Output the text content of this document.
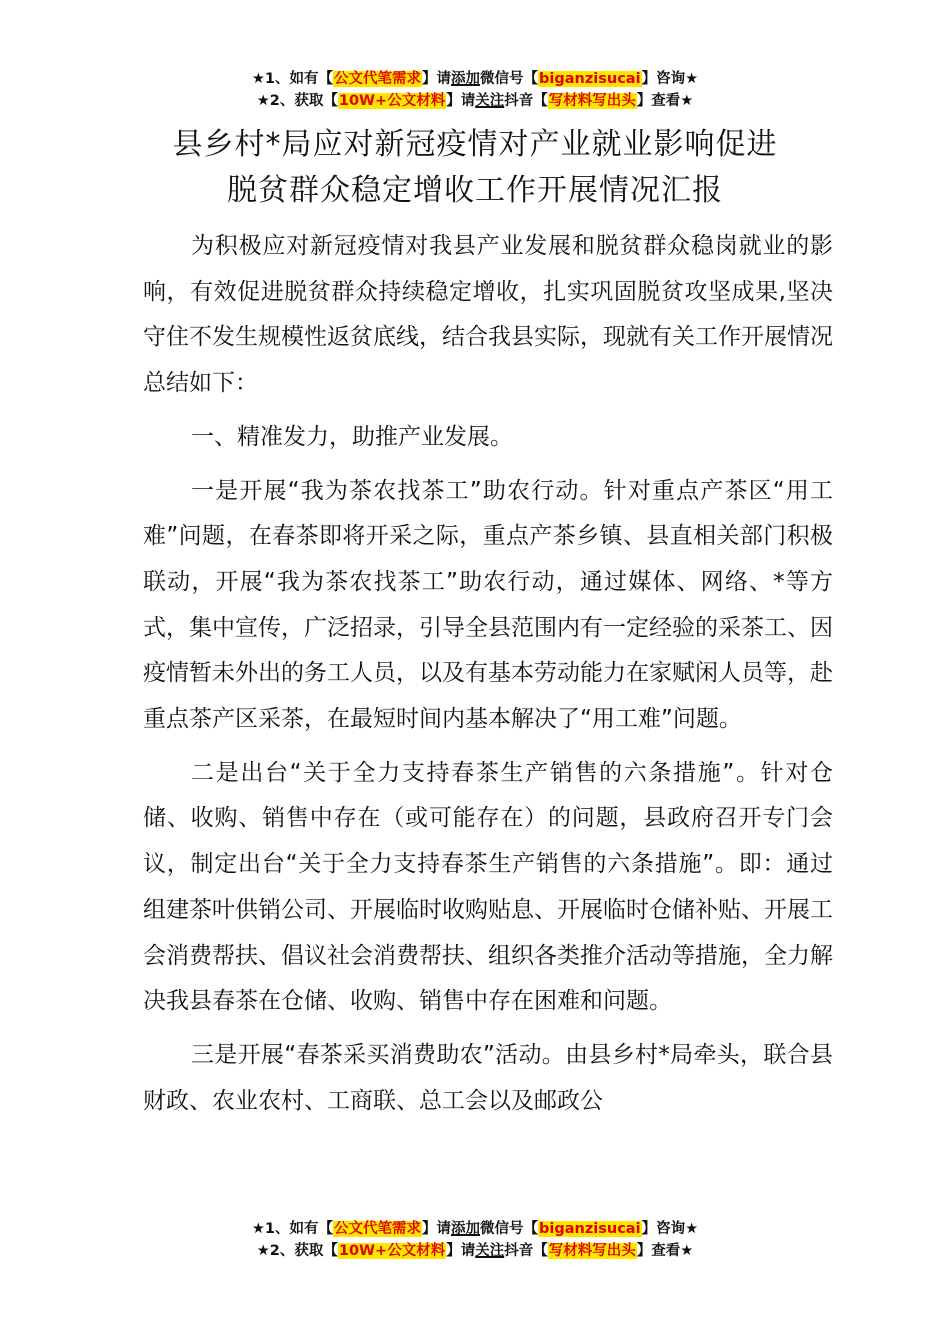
★1、如有【公文代笔需求】请添加微信号【biganzisucai】咨询★
★2、获取【10W+公文材料】请关注抖音【写材料写出头】查看★
县乡村*局应对新冠疫情对产业就业影响促进
脱贫群众稳定增收工作开展情况汇报

为积极应对新冠疫情对我县产业发展和脱贫群众稳岗就业的影响，有效促进脱贫群众持续稳定增收，扎实巩固脱贫攻坚成果,坚决守住不发生规模性返贫底线，结合我县实际，现就有关工作开展情况总结如下：

一、精准发力，助推产业发展。

一是开展“我为茶农找茶工”助农行动。针对重点产茶区“用工难”问题，在春茶即将开采之际，重点产茶乡镇、县直相关部门积极联动，开展“我为茶农找茶工”助农行动，通过媒体、网络、*等方式，集中宣传，广泛招录，引导全县范围内有一定经验的采茶工、因疫情暂未外出的务工人员，以及有基本劳动能力在家赋闲人员等，赴重点茶产区采茶，在最短时间内基本解决了“用工难”问题。

二是出台“关于全力支持春茶生产销售的六条措施”。针对仓储、收购、销售中存在（或可能存在）的问题，县政府召开专门会议，制定出台“关于全力支持春茶生产销售的六条措施”。即：通过组建茶叶供销公司、开展临时收购贴息、开展临时仓储补贴、开展工会消费帮扶、倡议社会消费帮扶、组织各类推介活动等措施，全力解决我县春茶在仓储、收购、销售中存在困难和问题。

三是开展“春茶采买消费助农”活动。由县乡村*局牵头，联合县财政、农业农村、工商联、总工会以及邮政公

★1、如有【公文代笔需求】请添加微信号【biganzisucai】咨询★
★2、获取【10W+公文材料】请关注抖音【写材料写出头】查看★
